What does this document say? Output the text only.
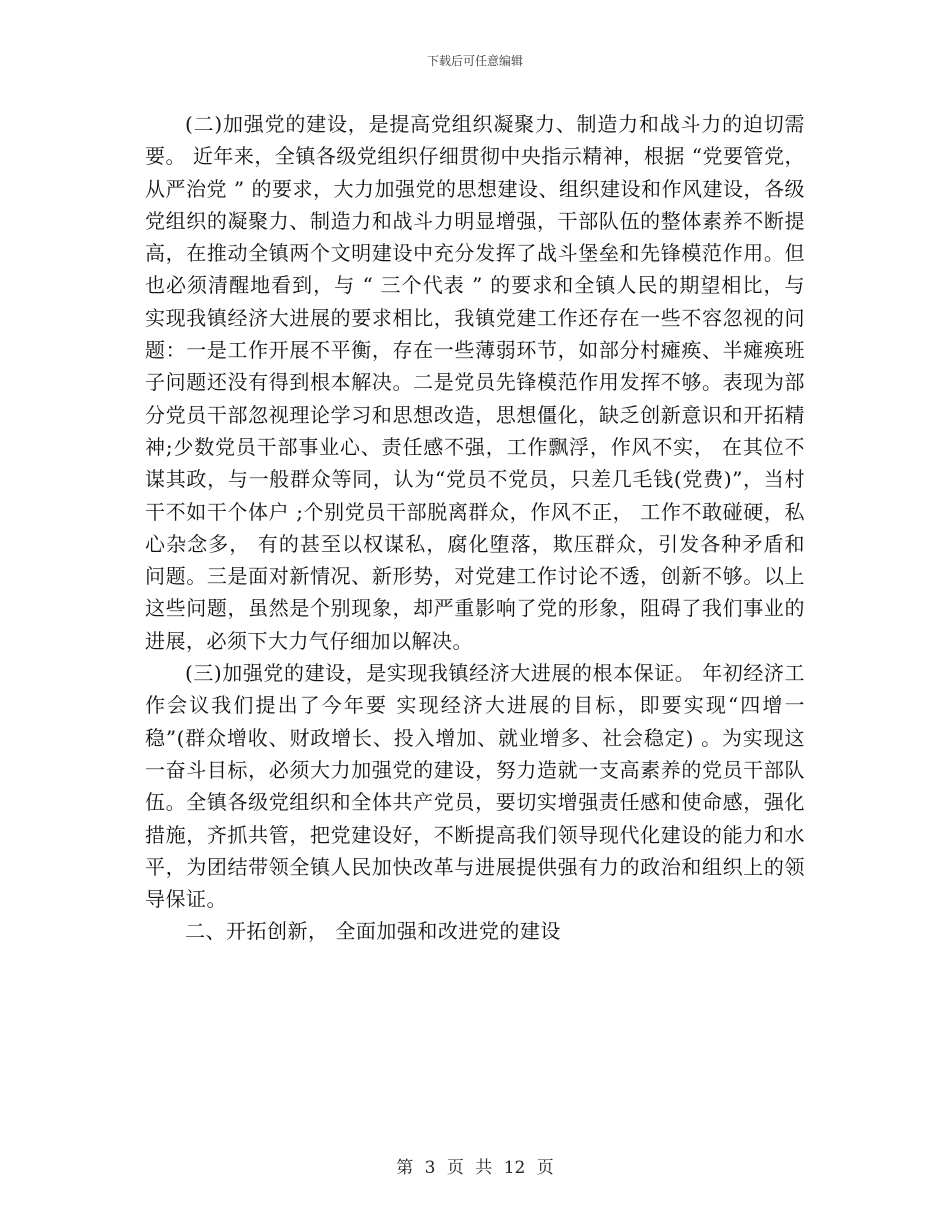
下载后可任意编辑

(二)加强党的建设，是提高党组织凝聚力、制造力和战斗力的迫切需要。 近年来，全镇各级党组织仔细贯彻中央指示精神，根据 “党要管党，从严治党 ” 的要求，大力加强党的思想建设、组织建设和作风建设，各级党组织的凝聚力、制造力和战斗力明显增强，干部队伍的整体素养不断提高，在推动全镇两个文明建设中充分发挥了战斗堡垒和先锋模范作用。但也必须清醒地看到，与 “ 三个代表 ” 的要求和全镇人民的期望相比，与实现我镇经济大进展的要求相比，我镇党建工作还存在一些不容忽视的问题：一是工作开展不平衡，存在一些薄弱环节，如部分村瘫痪、半瘫痪班子问题还没有得到根本解决。二是党员先锋模范作用发挥不够。表现为部分党员干部忽视理论学习和思想改造，思想僵化，缺乏创新意识和开拓精神;少数党员干部事业心、责任感不强，工作飘浮，作风不实， 在其位不谋其政，与一般群众等同，认为“党员不党员，只差几毛钱(党费)”，当村干不如干个体户 ;个别党员干部脱离群众，作风不正， 工作不敢碰硬，私心杂念多， 有的甚至以权谋私，腐化堕落，欺压群众，引发各种矛盾和问题。三是面对新情况、新形势，对党建工作讨论不透，创新不够。以上这些问题，虽然是个别现象，却严重影响了党的形象，阻碍了我们事业的进展，必须下大力气仔细加以解决。

(三)加强党的建设，是实现我镇经济大进展的根本保证。 年初经济工作会议我们提出了今年要 实现经济大进展的目标，即要实现“四增一稳”(群众增收、财政增长、投入增加、就业增多、社会稳定) 。为实现这一奋斗目标，必须大力加强党的建设，努力造就一支高素养的党员干部队伍。全镇各级党组织和全体共产党员，要切实增强责任感和使命感，强化措施，齐抓共管，把党建设好，不断提高我们领导现代化建设的能力和水平，为团结带领全镇人民加快改革与进展提供强有力的政治和组织上的领导保证。

二、开拓创新， 全面加强和改进党的建设

第 3 页 共 12 页
